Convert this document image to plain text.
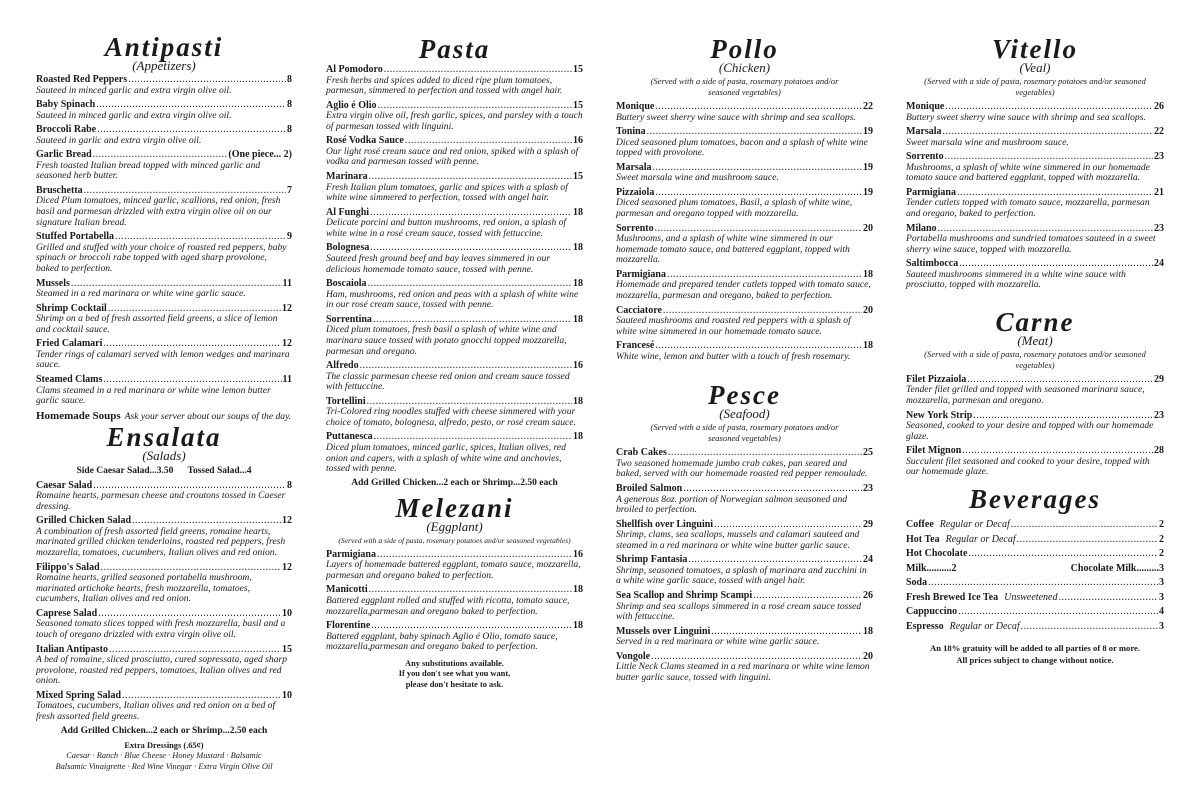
Antipasti
(Appetizers)
Roasted Red Peppers .....	8
Sauteed in minced garlic and extra virgin olive oil.
Baby Spinach .....	8
Sauteed in minced garlic and extra virgin olive oil.
Broccoli Rabe .....	8
Sauteed in garlic and extra virgin olive oil.
Garlic Bread .....	(One piece... 2)
Fresh toasted Italian bread topped with minced garlic and seasoned herb butter.
Bruschetta .....	7
Diced Plum tomatoes, minced garlic, scallions, red onion, fresh basil and parmesan drizzled with extra virgin olive oil on our signature Italian bread.
Stuffed Portabella .....	9
Grilled and stuffed with your choice of roasted red peppers, baby spinach or broccoli rabe topped with aged sharp provolone, baked to perfection.
Mussels .....	11
Steamed in a red marinara or white wine garlic sauce.
Shrimp Cocktail .....	12
Shrimp on a bed of fresh assorted field greens, a slice of lemon and cocktail sauce.
Fried Calamari .....	12
Tender rings of calamari served with lemon wedges and marinara sauce.
Steamed Clams .....	11
Clams steamed in a red marinara or white wine lemon butter garlic sauce.
Homemade Soups Ask your server about our soups of the day.
Ensalata
(Salads)
Side Caesar Salad...3.50      Tossed Salad...4
Caesar Salad .....	8
Romaine hearts, parmesan cheese and croutons tossed in Caeser dressing.
Grilled Chicken Salad .....	12
A combination of fresh assorted field greens, romaine hearts, marinated grilled chicken tenderloins, roasted red peppers, fresh mozzarella, tomatoes, cucumbers, Italian olives and red onion.
Filippo's Salad .....	12
Romaine hearts, grilled seasoned portabella mushroom, marinated artichoke hearts, fresh mozzarella, tomatoes, cucumbers, Italian olives and red onion.
Caprese Salad .....	10
Seasoned tomato slices topped with fresh mozzarella, basil and a touch of oregano drizzled with extra virgin olive oil.
Italian Antipasto .....	15
A bed of romaine, sliced prosciutto, cured sopressata, aged sharp provolone, roasted red peppers, tomatoes, Italian olives and red onion.
Mixed Spring Salad .....	10
Tomatoes, cucumbers, Italian olives and red onion on a bed of fresh assorted field greens.
Add Grilled Chicken...2 each or Shrimp...2.50 each
Extra Dressings (.65¢)
Caesar · Ranch · Blue Cheese · Honey Mustard · Balsamic
Balsamic Vinaigrette · Red Wine Vinegar · Extra Virgin Olive Oil
Pasta
Al Pomodoro .....	15
Fresh herbs and spices added to diced ripe plum tomatoes, parmesan, simmered to perfection and tossed with angel hair.
Aglio é Olio .....	15
Extra virgin olive oil, fresh garlic, spices, and parsley with a touch of parmesan tossed with linguini.
Rosé Vodka Sauce .....	16
Our light rosé cream sauce and red onion, spiked with a splash of vodka and parmesan tossed with penne.
Marinara .....	15
Fresh Italian plum tomatoes, garlic and spices with a splash of white wine simmered to perfection, tossed with angel hair.
Al Funghi .....	18
Delicate porcini and button mushrooms, red onion, a splash of white wine in a rosé cream sauce, tossed with fettuccine.
Bolognesa .....	18
Sauteed fresh ground beef and bay leaves simmered in our delicious homemade tomato sauce, tossed with penne.
Boscaiola .....	18
Ham, mushrooms, red onion and peas with a splash of white wine in our rosé cream sauce, tossed with penne.
Sorrentina .....	18
Diced plum tomatoes, fresh basil a splash of white wine and marinara sauce tossed with potato gnocchi topped mozzarella, parmesan and oregano.
Alfredo .....	16
The classic parmesan cheese red onion and cream sauce tossed with fettuccine.
Tortellini .....	18
Tri-Colored ring noodles stuffed with cheese simmered with your choice of tomato, bolognesa, alfredo, pesto, or rosé cream sauce.
Puttanesca .....	18
Diced plum tomatoes, minced garlic, spices, Italian olives, red onion and capers, with a splash of white wine and anchovies, tossed with penne.
Add Grilled Chicken...2 each or Shrimp...2.50 each
Melezani
(Eggplant)
(Served with a side of pasta, rosemary potatoes and/or seasoned vegetables)
Parmigiana .....	16
Layers of homemade battered eggplant, tomato sauce, mozzarella, parmesan and oregano baked to perfection.
Manicotti .....	18
Battered eggplant rolled and stuffed with ricotta, tomato sauce, mozzarella,parmesan and oregano baked to perfection.
Florentine .....	18
Battered eggplant, baby spinach Aglio é Olio, tomato sauce, mozzarella,parmesan and oregano baked to perfection.
Any substitutions available.
If you don't see what you want,
please don't hesitate to ask.
Pollo
(Chicken)
(Served with a side of pasta, rosemary potatoes and/or seasoned vegetables)
Monique .....	22
Buttery sweet sherry wine sauce with shrimp and sea scallops.
Tonina .....	19
Diced seasoned plum tomatoes, bacon and a splash of white wine topped with provolone.
Marsala .....	19
Sweet marsala wine and mushroom sauce.
Pizzaiola .....	19
Diced seasoned plum tomatoes, Basil, a splash of white wine, parmesan and oregano topped with mozzarella.
Sorrento .....	20
Mushrooms, and a splash of white wine simmered in our homemade tomato sauce, and battered eggplant, topped with mozzarella.
Parmigiana .....	18
Homemade and prepared tender cutlets topped with tomato sauce, mozzarella, parmesan and oregano, baked to perfection.
Cacciatore .....	20
Sauteed mushrooms and roasted red peppers with a splash of white wine simmered in our homemade tomato sauce.
Francesé .....	18
White wine, lemon and butter with a touch of fresh rosemary.
Pesce
(Seafood)
(Served with a side of pasta, rosemary potatoes and/or seasoned vegetables)
Crab Cakes .....	25
Two seasoned homemade jumbo crab cakes, pan seared and baked, served with our homemade roasted red pepper remoulade.
Broiled Salmon .....	23
A generous 8oz. portion of Norwegian salmon seasoned and broiled to perfection.
Shellfish over Linguini .....	29
Shrimp, clams, sea scallops, mussels and calamari sauteed and steamed in a red marinara or white wine butter garlic sauce.
Shrimp Fantasia .....	24
Shrimp, seasoned tomatoes, a splash of marinara and zucchini in a white wine garlic sauce, tossed with angel hair.
Sea Scallop and Shrimp Scampi .....	26
Shrimp and sea scallops simmered in a rosé cream sauce tossed with fettuccine.
Mussels over Linguini .....	18
Served in a red marinara or white wine garlic sauce.
Vongole .....	20
Little Neck Clams steamed in a red marinara or white wine lemon butter garlic sauce, tossed with linguini.
Vitello
(Veal)
(Served with a side of pasta, rosemary potatoes and/or seasoned vegetables)
Monique .....	26
Buttery sweet sherry wine sauce with shrimp and sea scallops.
Marsala .....	22
Sweet marsala wine and mushroom sauce.
Sorrento .....	23
Mushrooms, a splash of white wine simmered in our homemade tomato sauce and battered eggplant, topped with mozzarella.
Parmigiana .....	21
Tender cutlets topped with tomato sauce, mozzarella, parmesan and oregano, baked to perfection.
Milano .....	23
Portabella mushrooms and sundried tomatoes sauteed in a sweet sherry wine sauce, topped with mozzarella.
Saltimbocca .....	24
Sauteed mushrooms simmered in a white wine sauce with prosciutto, topped with mozzarella.
Carne
(Meat)
(Served with a side of pasta, rosemary potatoes and/or seasoned vegetables)
Filet Pizzaiola .....	29
Tender filet grilled and topped with seasoned marinara sauce, mozzarella, parmesan and oregano.
New York Strip .....	23
Seasoned, cooked to your desire and topped with our homemade glaze.
Filet Mignon .....	28
Succulent filet seasoned and cooked to your desire, topped with our homemade glaze.
Beverages
Coffee Regular or Decaf .....	2
Hot Tea Regular or Decaf .....	2
Hot Chocolate .....	2
Milk..........2	Chocolate Milk.........3
Soda .....	3
Fresh Brewed Ice Tea Unsweetened .....	3
Cappuccino .....	4
Espresso Regular or Decaf .....	3
An 18% gratuity will be added to all parties of 8 or more.
All prices subject to change without notice.
